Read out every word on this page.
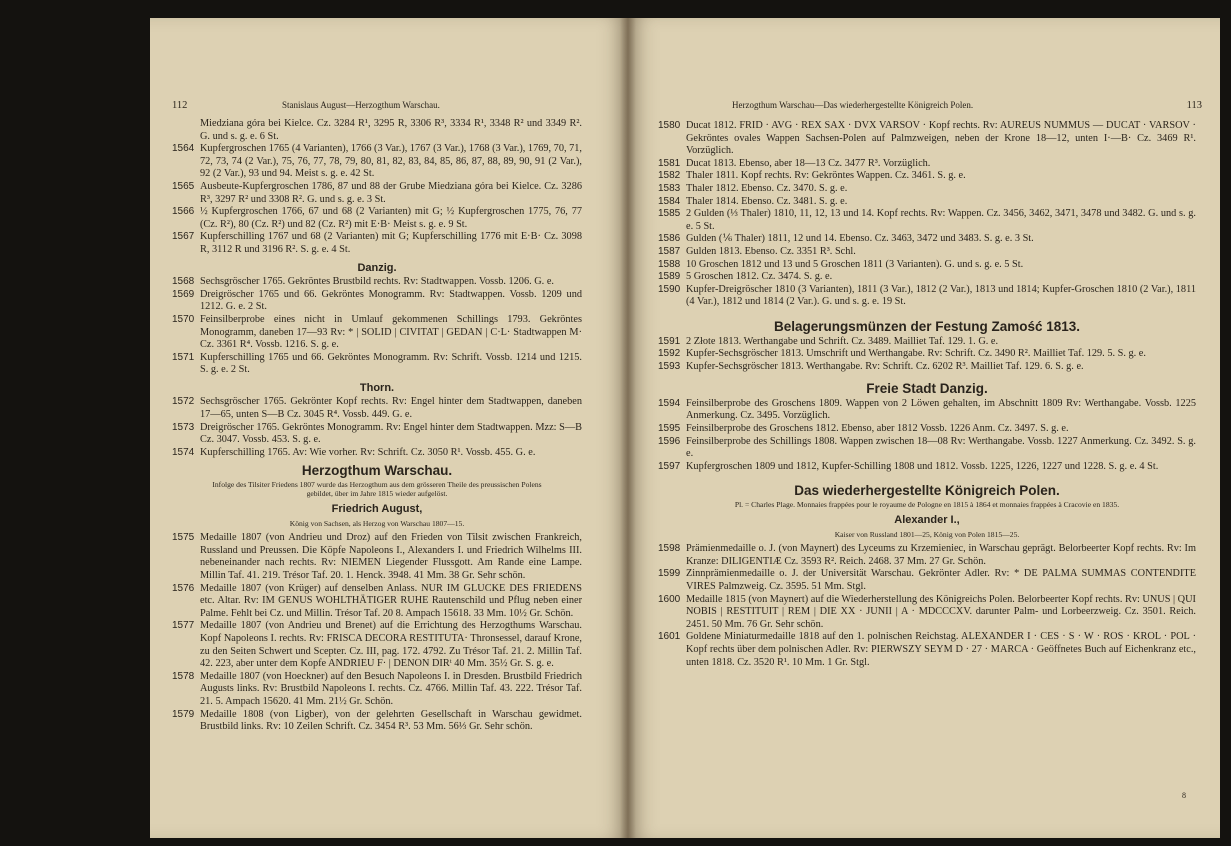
112	Stanislaus August—Herzogthum Warschau.
Miedziana góra bei Kielce. Cz. 3284 R¹, 3295 R, 3306 R³, 3334 R¹, 3348 R² und 3349 R². G. und s. g. e. 6 St.
1564 Kupfergroschen 1765 (4 Varianten), 1766 (3 Var.), 1767 (3 Var.), 1768 (3 Var.), 1769, 70, 71, 72, 73, 74 (2 Var.), 75, 76, 77, 78, 79, 80, 81, 82, 83, 84, 85, 86, 87, 88, 89, 90, 91 (2 Var.), 92 (2 Var.), 93 und 94. Meist s. g. e. 42 St.
1565 Ausbeute-Kupfergroschen 1786, 87 und 88 der Grube Miedziana góra bei Kielce. Cz. 3286 R³, 3297 R² und 3308 R². G. und s. g. e. 3 St.
1566 ½ Kupfergroschen 1766, 67 und 68 (2 Varianten) mit G; ½ Kupfergroschen 1775, 76, 77 (Cz. R²), 80 (Cz. R²) und 82 (Cz. R²) mit E·B· Meist s. g. e. 9 St.
1567 Kupferschilling 1767 und 68 (2 Varianten) mit G; Kupferschilling 1776 mit E·B· Cz. 3098 R, 3112 R und 3196 R². S. g. e. 4 St.
Danzig.
1568 Sechsgröscher 1765. Gekröntes Brustbild rechts. Rv: Stadtwappen. Vossb. 1206. G. e.
1569 Dreigröscher 1765 und 66. Gekröntes Monogramm. Rv: Stadtwappen. Vossb. 1209 und 1212. G. e. 2 St.
1570 Feinsilberprobe eines nicht in Umlauf gekommenen Schillings 1793. Gekröntes Monogramm, daneben 17—93 Rv: * | SOLID | CIVITAT | GEDAN | C·L· Stadtwappen M· Cz. 3361 R⁴. Vossb. 1216. S. g. e.
1571 Kupferschilling 1765 und 66. Gekröntes Monogramm. Rv: Schrift. Vossb. 1214 und 1215. S. g. e. 2 St.
Thorn.
1572 Sechsgröscher 1765. Gekrönter Kopf rechts. Rv: Engel hinter dem Stadtwappen, daneben 17—65, unten S—B Cz. 3045 R⁴. Vossb. 449. G. e.
1573 Dreigröscher 1765. Gekröntes Monogramm. Rv: Engel hinter dem Stadtwappen. Mzz: S—B Cz. 3047. Vossb. 453. S. g. e.
1574 Kupferschilling 1765. Av: Wie vorher. Rv: Schrift. Cz. 3050 R¹. Vossb. 455. G. e.
Herzogthum Warschau.
Infolge des Tilsiter Friedens 1807 wurde das Herzogthum aus dem grösseren Theile des preussischen Polens gebildet, über im Jahre 1815 wieder aufgelöst.
Friedrich August,
König von Sachsen, als Herzog von Warschau 1807—15.
1575 Medaille 1807 (von Andrieu und Droz) auf den Frieden von Tilsit zwischen Frankreich, Russland und Preussen. Die Köpfe Napoleons I., Alexanders I. und Friedrich Wilhelms III. nebeneinander nach rechts. Rv: NIEMEN Liegender Flussgott. Am Rande eine Lampe. Millin Taf. 41. 219. Trésor Taf. 20. 1. Henck. 3948. 41 Mm. 38 Gr. Sehr schön.
1576 Medaille 1807 (von Krüger) auf denselben Anlass. NUR IM GLUCKE DES FRIEDENS etc. Altar. Rv: IM GENUS WOHLTHÄTIGER RUHE Rautenschild und Pflug neben einer Palme. Fehlt bei Cz. und Millin. Trésor Taf. 20 8. Ampach 15618. 33 Mm. 10½ Gr. Schön.
1577 Medaille 1807 (von Andrieu und Brenet) auf die Errichtung des Herzogthums Warschau. Kopf Napoleons I. rechts. Rv: FRISCA DECORA RESTITUTA· Thronsessel, darauf Krone, zu den Seiten Schwert und Scepter. Cz. III, pag. 172. 4792. Zu Trésor Taf. 21. 2. Millin Taf. 42. 223, aber unter dem Kopfe ANDRIEU F· | DENON DIRᵗ 40 Mm. 35½ Gr. S. g. e.
1578 Medaille 1807 (von Hoeckner) auf den Besuch Napoleons I. in Dresden. Brustbild Friedrich Augusts links. Rv: Brustbild Napoleons I. rechts. Cz. 4766. Millin Taf. 43. 222. Trésor Taf. 21. 5. Ampach 15620. 41 Mm. 21½ Gr. Schön.
1579 Medaille 1808 (von Ligber), von der gelehrten Gesellschaft in Warschau gewidmet. Brustbild links. Rv: 10 Zeilen Schrift. Cz. 3454 R³. 53 Mm. 56⅓ Gr. Sehr schön.
Herzogthum Warschau—Das wiederhergestellte Königreich Polen.	113
1580 Ducat 1812. FRID · AVG · REX SAX · DVX VARSOV · Kopf rechts. Rv: AUREUS NUMMUS — DUCAT · VARSOV · Gekröntes ovales Wappen Sachsen-Polen auf Palmzweigen, neben der Krone 18—12, unten I·—B· Cz. 3469 R¹. Vorzüglich.
1581 Ducat 1813. Ebenso, aber 18—13 Cz. 3477 R³. Vorzüglich.
1582 Thaler 1811. Kopf rechts. Rv: Gekröntes Wappen. Cz. 3461. S. g. e.
1583 Thaler 1812. Ebenso. Cz. 3470. S. g. e.
1584 Thaler 1814. Ebenso. Cz. 3481. S. g. e.
1585 2 Gulden (⅓ Thaler) 1810, 11, 12, 13 und 14. Kopf rechts. Rv: Wappen. Cz. 3456, 3462, 3471, 3478 und 3482. G. und s. g. e. 5 St.
1586 Gulden (⅙ Thaler) 1811, 12 und 14. Ebenso. Cz. 3463, 3472 und 3483. S. g. e. 3 St.
1587 Gulden 1813. Ebenso. Cz. 3351 R³. Schl.
1588 10 Groschen 1812 und 13 und 5 Groschen 1811 (3 Varianten). G. und s. g. e. 5 St.
1589 5 Groschen 1812. Cz. 3474. S. g. e.
1590 Kupfer-Dreigröscher 1810 (3 Varianten), 1811 (3 Var.), 1812 (2 Var.), 1813 und 1814; Kupfer-Groschen 1810 (2 Var.), 1811 (4 Var.), 1812 und 1814 (2 Var.). G. und s. g. e. 19 St.
Belagerungsmünzen der Festung Zamość 1813.
1591 2 Złote 1813. Werthangabe und Schrift. Cz. 3489. Mailliet Taf. 129. 1. G. e.
1592 Kupfer-Sechsgröscher 1813. Umschrift und Werthangabe. Rv: Schrift. Cz. 3490 R². Mailliet Taf. 129. 5. S. g. e.
1593 Kupfer-Sechsgröscher 1813. Werthangabe. Rv: Schrift. Cz. 6202 R³. Mailliet Taf. 129. 6. S. g. e.
Freie Stadt Danzig.
1594 Feinsilberprobe des Groschens 1809. Wappen von 2 Löwen gehalten, im Abschnitt 1809 Rv: Werthangabe. Vossb. 1225 Anmerkung. Cz. 3495. Vorzüglich.
1595 Feinsilberprobe des Groschens 1812. Ebenso, aber 1812 Vossb. 1226 Anm. Cz. 3497. S. g. e.
1596 Feinsilberprobe des Schillings 1808. Wappen zwischen 18—08 Rv: Werthangabe. Vossb. 1227 Anmerkung. Cz. 3492. S. g. e.
1597 Kupfergroschen 1809 und 1812, Kupfer-Schilling 1808 und 1812. Vossb. 1225, 1226, 1227 und 1228. S. g. e. 4 St.
Das wiederhergestellte Königreich Polen.
Pl. = Charles Plage. Monnaies frappées pour le royaume de Pologne en 1815 à 1864 et monnaies frappées à Cracovie en 1835.
Alexander I.,
Kaiser von Russland 1801—25, König von Polen 1815—25.
1598 Prämienmedaille o. J. (von Maynert) des Lyceums zu Krzemieniec, in Warschau geprägt. Belorbeerter Kopf rechts. Rv: Im Kranze: DILIGENTIÆ Cz. 3593 R². Reich. 2468. 37 Mm. 27 Gr. Schön.
1599 Zinnprämienmedaille o. J. der Universität Warschau. Gekrönter Adler. Rv: * DE PALMA SUMMAS CONTENDITE VIRES Palmzweig. Cz. 3595. 51 Mm. Stgl.
1600 Medaille 1815 (von Maynert) auf die Wiederherstellung des Königreichs Polen. Belorbeerter Kopf rechts. Rv: UNUS | QUI NOBIS | RESTITUIT | REM | DIE XX · JUNII | A · MDCCCXV. darunter Palm- und Lorbeerzweig. Cz. 3501. Reich. 2451. 50 Mm. 76 Gr. Sehr schön.
1601 Goldene Miniaturmedaille 1818 auf den 1. polnischen Reichstag. ALEXANDER I · CES · S · W · ROS · KROL · POL · Kopf rechts über dem polnischen Adler. Rv: PIERWSZY SEYM D · 27 · MARCA · Geöffnetes Buch auf Eichenkranz etc., unten 1818. Cz. 3520 R¹. 10 Mm. 1 Gr. Stgl.
8
